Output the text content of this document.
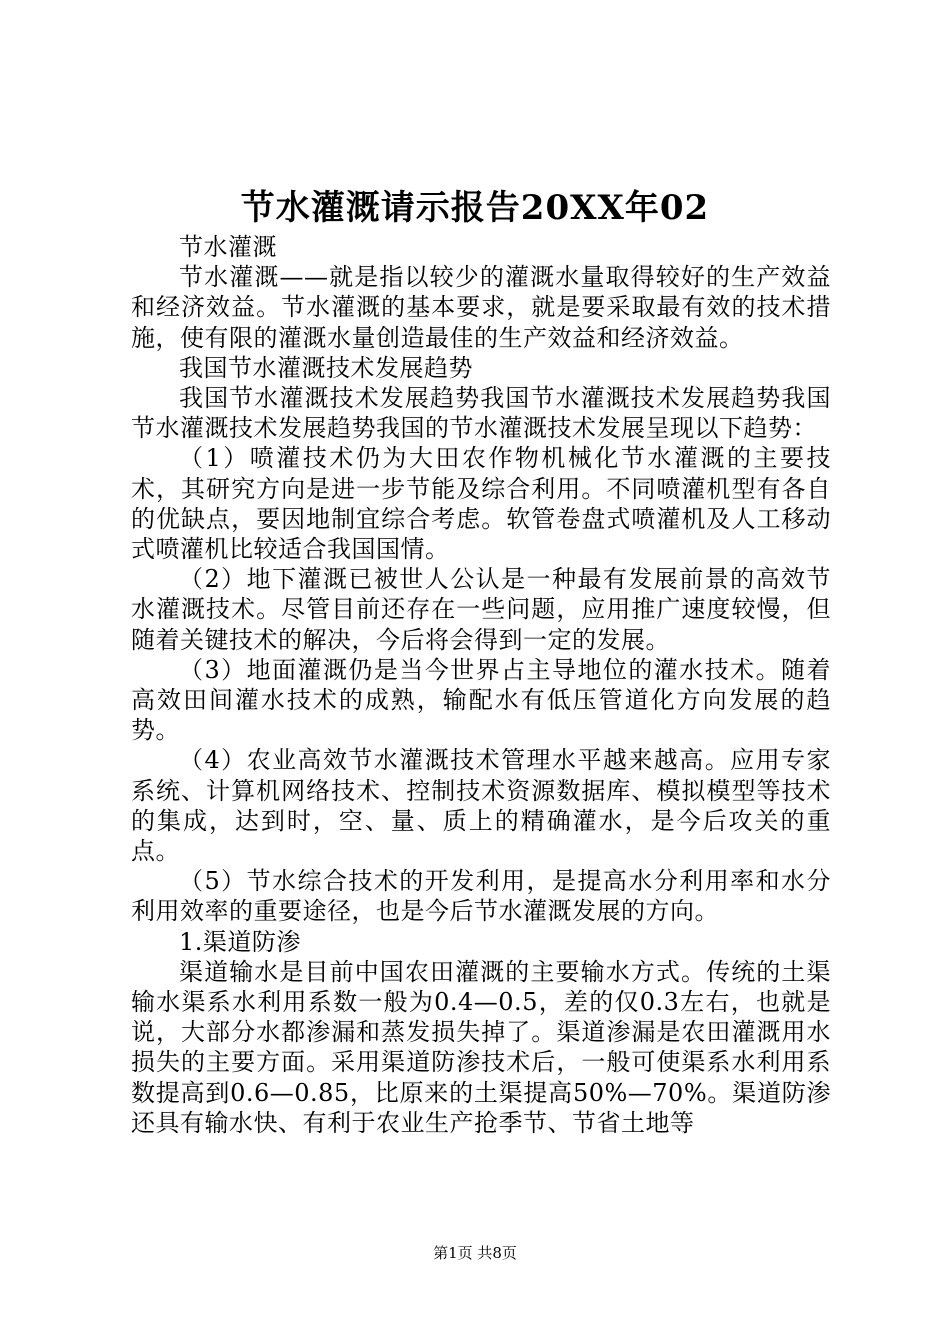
节水灌溉请示报告20XX年02

节水灌溉

节水灌溉——就是指以较少的灌溉水量取得较好的生产效益和经济效益。节水灌溉的基本要求，就是要采取最有效的技术措施，使有限的灌溉水量创造最佳的生产效益和经济效益。

我国节水灌溉技术发展趋势

我国节水灌溉技术发展趋势我国节水灌溉技术发展趋势我国节水灌溉技术发展趋势我国的节水灌溉技术发展呈现以下趋势：

（1）喷灌技术仍为大田农作物机械化节水灌溉的主要技术，其研究方向是进一步节能及综合利用。不同喷灌机型有各自的优缺点，要因地制宜综合考虑。软管卷盘式喷灌机及人工移动式喷灌机比较适合我国国情。

（2）地下灌溉已被世人公认是一种最有发展前景的高效节水灌溉技术。尽管目前还存在一些问题，应用推广速度较慢，但随着关键技术的解决，今后将会得到一定的发展。

（3）地面灌溉仍是当今世界占主导地位的灌水技术。随着高效田间灌水技术的成熟，输配水有低压管道化方向发展的趋势。

（4）农业高效节水灌溉技术管理水平越来越高。应用专家系统、计算机网络技术、控制技术资源数据库、模拟模型等技术的集成，达到时，空、量、质上的精确灌水，是今后攻关的重点。

（5）节水综合技术的开发利用，是提高水分利用率和水分利用效率的重要途径，也是今后节水灌溉发展的方向。

1.渠道防渗

渠道输水是目前中国农田灌溉的主要输水方式。传统的土渠输水渠系水利用系数一般为0.4—0.5，差的仅0.3左右，也就是说，大部分水都渗漏和蒸发损失掉了。渠道渗漏是农田灌溉用水损失的主要方面。采用渠道防渗技术后，一般可使渠系水利用系数提高到0.6—0.85，比原来的土渠提高50%—70%。渠道防渗还具有输水快、有利于农业生产抢季节、节省土地等

第1页 共8页
